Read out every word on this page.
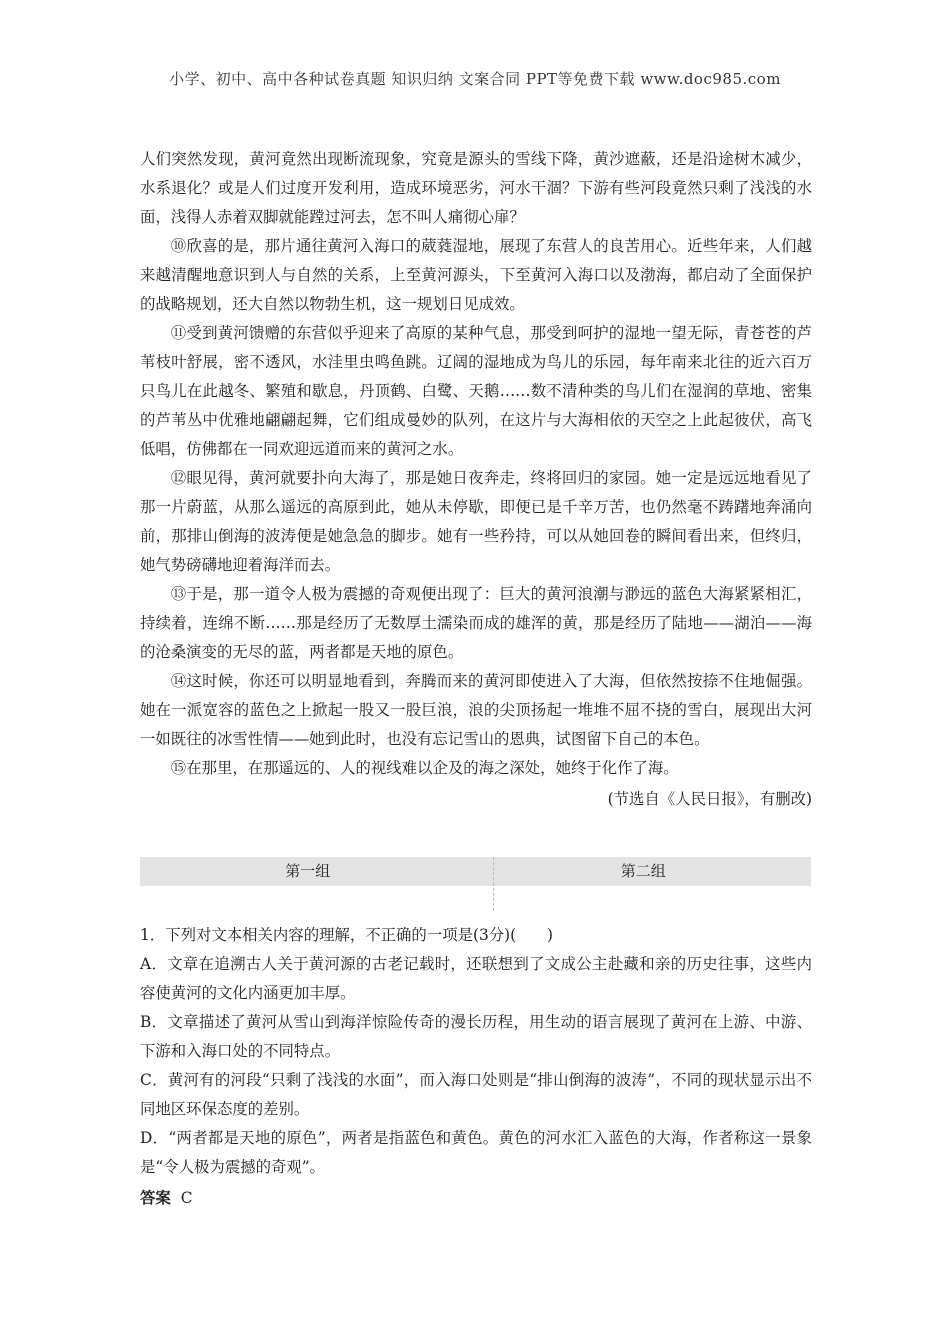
小学、初中、高中各种试卷真题 知识归纳 文案合同 PPT等免费下载 www.doc985.com

人们突然发现，黄河竟然出现断流现象，究竟是源头的雪线下降，黄沙遮蔽，还是沿途树木减少，水系退化？或是人们过度开发利用，造成环境恶劣，河水干涸？下游有些河段竟然只剩了浅浅的水面，浅得人赤着双脚就能蹚过河去，怎不叫人痛彻心扉？

⑩欣喜的是，那片通往黄河入海口的葳蕤湿地，展现了东营人的良苦用心。近些年来，人们越来越清醒地意识到人与自然的关系，上至黄河源头，下至黄河入海口以及渤海，都启动了全面保护的战略规划，还大自然以物勃生机，这一规划日见成效。

⑪受到黄河馈赠的东营似乎迎来了高原的某种气息，那受到呵护的湿地一望无际，青苍苍的芦苇枝叶舒展，密不透风，水洼里虫鸣鱼跳。辽阔的湿地成为鸟儿的乐园，每年南来北往的近六百万只鸟儿在此越冬、繁殖和歇息，丹顶鹤、白鹭、天鹅……数不清种类的鸟儿们在湿润的草地、密集的芦苇丛中优雅地翩翩起舞，它们组成曼妙的队列，在这片与大海相依的天空之上此起彼伏，高飞低唱，仿佛都在一同欢迎远道而来的黄河之水。

⑫眼见得，黄河就要扑向大海了，那是她日夜奔走，终将回归的家园。她一定是远远地看见了那一片蔚蓝，从那么遥远的高原到此，她从未停歇，即便已是千辛万苦，也仍然毫不踌躇地奔涌向前，那排山倒海的波涛便是她急急的脚步。她有一些矜持，可以从她回卷的瞬间看出来，但终归，她气势磅礴地迎着海洋而去。

⑬于是，那一道令人极为震撼的奇观便出现了：巨大的黄河浪潮与渺远的蓝色大海紧紧相汇，持续着，连绵不断……那是经历了无数厚土濡染而成的雄浑的黄，那是经历了陆地——湖泊——海的沧桑演变的无尽的蓝，两者都是天地的原色。

⑭这时候，你还可以明显地看到，奔腾而来的黄河即使进入了大海，但依然按捺不住地倔强。她在一派宽容的蓝色之上掀起一股又一股巨浪，浪的尖顶扬起一堆堆不屈不挠的雪白，展现出大河一如既往的冰雪性情——她到此时，也没有忘记雪山的恩典，试图留下自己的本色。

⑮在那里，在那遥远的、人的视线难以企及的海之深处，她终于化作了海。

(节选自《人民日报》，有删改)

第一组	第二组

1．下列对文本相关内容的理解，不正确的一项是(3分)(　　)

A．文章在追溯古人关于黄河源的古老记载时，还联想到了文成公主赴藏和亲的历史往事，这些内容使黄河的文化内涵更加丰厚。

B．文章描述了黄河从雪山到海洋惊险传奇的漫长历程，用生动的语言展现了黄河在上游、中游、下游和入海口处的不同特点。

C．黄河有的河段“只剩了浅浅的水面”，而入海口处则是“排山倒海的波涛”，不同的现状显示出不同地区环保态度的差别。

D．“两者都是天地的原色”，两者是指蓝色和黄色。黄色的河水汇入蓝色的大海，作者称这一景象是“令人极为震撼的奇观”。

答案 C
